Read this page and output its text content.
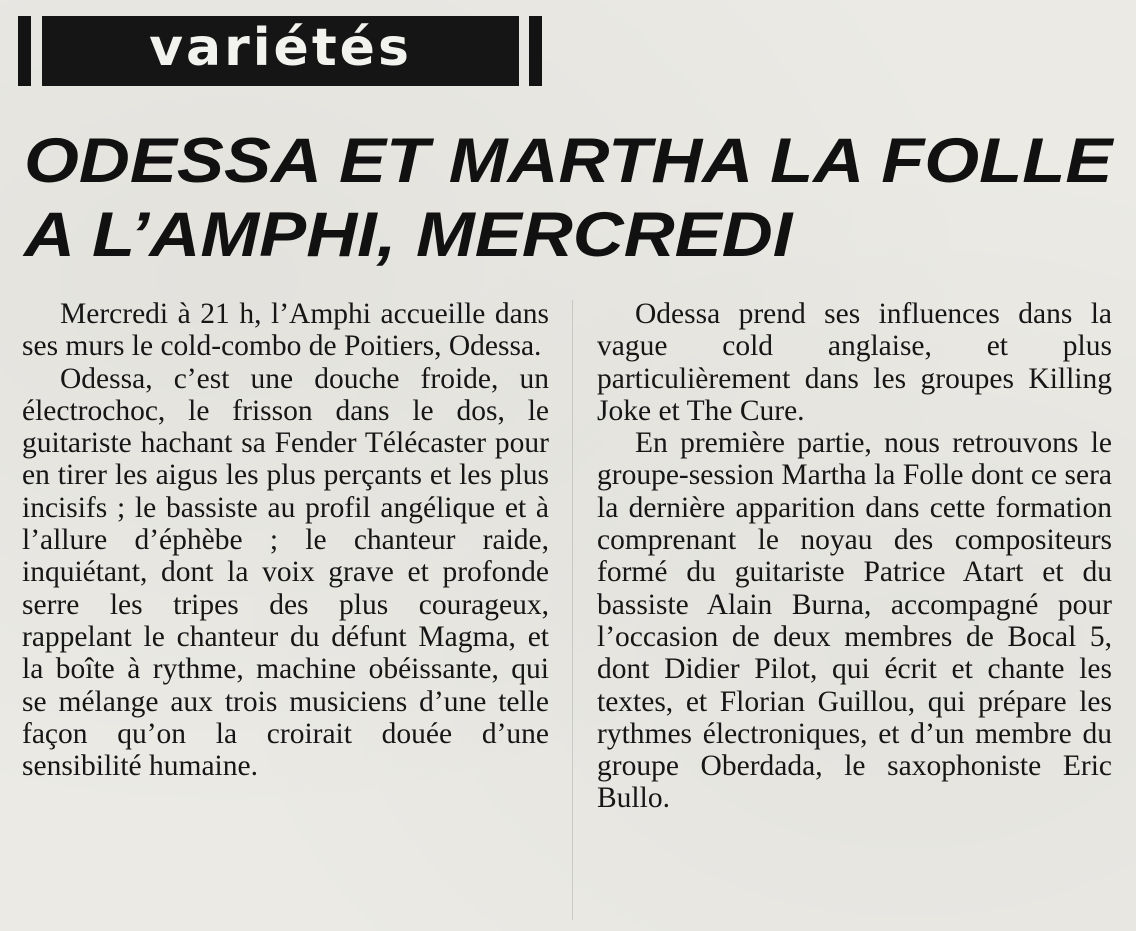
variétés
ODESSA ET MARTHA LA FOLLE
A L’AMPHI, MERCREDI

Mercredi à 21 h, l’Amphi accueille dans ses murs le cold-combo de Poitiers, Odessa.

Odessa, c’est une douche froide, un électrochoc, le frisson dans le dos, le guitariste hachant sa Fender Télécaster pour en tirer les aigus les plus perçants et les plus incisifs ; le bassiste au profil angélique et à l’allure d’éphèbe ; le chanteur raide, inquiétant, dont la voix grave et profonde serre les tripes des plus courageux, rappelant le chanteur du défunt Magma, et la boîte à rythme, machine obéissante, qui se mélange aux trois musiciens d’une telle façon qu’on la croirait douée d’une sensibilité humaine.

Odessa prend ses influences dans la vague cold anglaise, et plus particulièrement dans les groupes Killing Joke et The Cure.

En première partie, nous retrouvons le groupe-session Martha la Folle dont ce sera la dernière apparition dans cette formation comprenant le noyau des compositeurs formé du guitariste Patrice Atart et du bassiste Alain Burna, accompagné pour l’occasion de deux membres de Bocal 5, dont Didier Pilot, qui écrit et chante les textes, et Florian Guillou, qui prépare les rythmes électroniques, et d’un membre du groupe Oberdada, le saxophoniste Eric Bullo.
